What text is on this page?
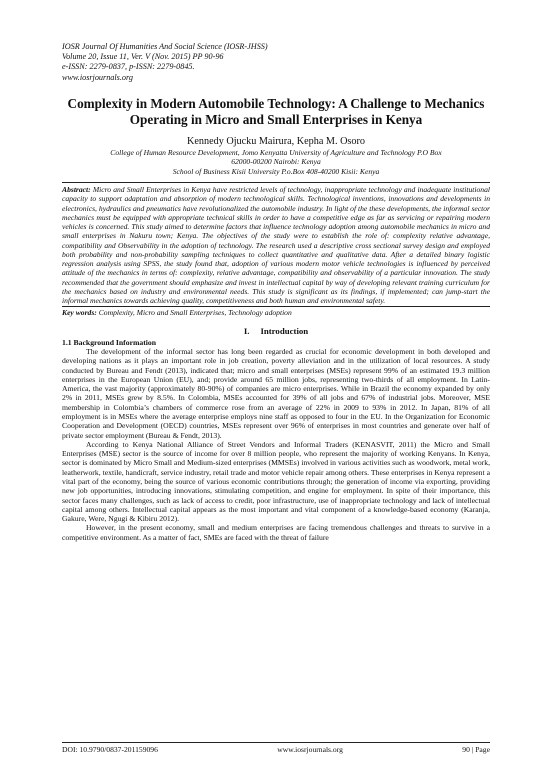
IOSR Journal Of Humanities And Social Science (IOSR-JHSS)
Volume 20, Issue 11, Ver. V (Nov. 2015) PP 90-96
e-ISSN: 2279-0837, p-ISSN: 2279-0845.
www.iosrjournals.org
Complexity in Modern Automobile Technology: A Challenge to Mechanics Operating in Micro and Small Enterprises in Kenya
Kennedy Ojucku Mairura, Kepha M. Osoro
College of Human Resource Development, Jomo Kenyatta University of Agriculture and Technology P.O Box
62000-00200 Nairobi: Kenya
School of Business Kisii University P.o.Box 408-40200 Kisii: Kenya

Abstract: Micro and Small Enterprises in Kenya have restricted levels of technology, inappropriate technology and inadequate institutional capacity to support adaptation and absorption of modern technological skills. Technological inventions, innovations and developments in electronics, hydraulics and pneumatics have revolutionalized the automobile industry. In light of the these developments, the informal sector mechanics must be equipped with appropriate technical skills in order to have a competitive edge as far as servicing or repairing modern vehicles is concerned. This study aimed to determine factors that influence technology adoption among automobile mechanics in micro and small enterprises in Nakuru town; Kenya. The objectives of the study were to establish the role of: complexity relative advantage, compatibility and Observability in the adoption of technology. The research used a descriptive cross sectional survey design and employed both probability and non-probability sampling techniques to collect quantitative and qualitative data. After a detailed binary logistic regression analysis using SPSS, the study found that, adoption of various modern motor vehicle technologies is influenced by perceived attitude of the mechanics in terms of: complexity, relative advantage, compatibility and observability of a particular innovation. The study recommended that the government should emphasize and invest in intellectual capital by way of developing relevant training curriculum for the mechanics based on industry and environmental needs. This study is significant as its findings, if implemented; can jump-start the informal mechanics towards achieving quality, competitiveness and both human and environmental safety.

Key words: Complexity, Micro and Small Enterprises, Technology adoption

I. Introduction
1.1 Background Information

The development of the informal sector has long been regarded as crucial for economic development in both developed and developing nations as it plays an important role in job creation, poverty alleviation and in the utilization of local resources. A study conducted by Bureau and Fendt (2013), indicated that; micro and small enterprises (MSEs) represent 99% of an estimated 19.3 million enterprises in the European Union (EU), and; provide around 65 million jobs, representing two-thirds of all employment. In Latin-America, the vast majority (approximately 80-90%) of companies are micro enterprises. While in Brazil the economy expanded by only 2% in 2011, MSEs grew by 8.5%. In Colombia, MSEs accounted for 39% of all jobs and 67% of industrial jobs. Moreover, MSE membership in Colombia’s chambers of commerce rose from an average of 22% in 2009 to 93% in 2012. In Japan, 81% of all employment is in MSEs where the average enterprise employs nine staff as opposed to four in the EU. In the Organization for Economic Cooperation and Development (OECD) countries, MSEs represent over 96% of enterprises in most countries and generate over half of private sector employment (Bureau & Fendt, 2013).

According to Kenya National Alliance of Street Vendors and Informal Traders (KENASVIT, 2011) the Micro and Small Enterprises (MSE) sector is the source of income for over 8 million people, who represent the majority of working Kenyans. In Kenya, sector is dominated by Micro Small and Medium-sized enterprises (MMSEs) involved in various activities such as woodwork, metal work, leatherwork, textile, handicraft, service industry, retail trade and motor vehicle repair among others. These enterprises in Kenya represent a vital part of the economy, being the source of various economic contributions through; the generation of income via exporting, providing new job opportunities, introducing innovations, stimulating competition, and engine for employment. In spite of their importance, this sector faces many challenges, such as lack of access to credit, poor infrastructure, use of inappropriate technology and lack of intellectual capital among others. Intellectual capital appears as the most important and vital component of a knowledge-based economy (Karanja, Gakure, Were, Ngugi & Kibiru 2012).

However, in the present economy, small and medium enterprises are facing tremendous challenges and threats to survive in a competitive environment. As a matter of fact, SMEs are faced with the threat of failure

DOI: 10.9790/0837-201159096	www.iosrjournals.org	90 | Page
